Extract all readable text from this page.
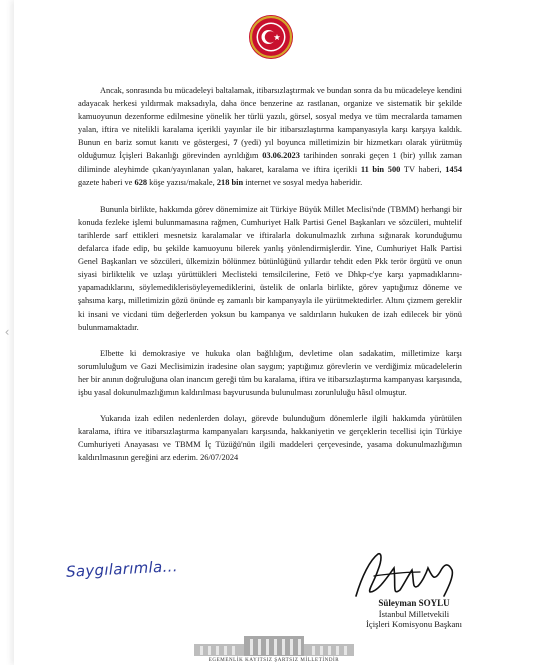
‹

Ancak, sonrasında bu mücadeleyi baltalamak, itibarsızlaştırmak ve bundan sonra da bu mücadeleye kendini adayacak herkesi yıldırmak maksadıyla, daha önce benzerine az rastlanan, organize ve sistematik bir şekilde kamuoyunun dezenforme edilmesine yönelik her türlü yazılı, görsel, sosyal medya ve tüm mecralarda tamamen yalan, iftira ve nitelikli karalama içerikli yayınlar ile bir itibarsızlaştırma kampanyasıyla karşı karşıya kaldık. Bunun en bariz somut kanıtı ve göstergesi, 7 (yedi) yıl boyunca milletimizin bir hizmetkarı olarak yürütmüş olduğumuz İçişleri Bakanlığı görevinden ayrıldığım 03.06.2023 tarihinden sonraki geçen 1 (bir) yıllık zaman diliminde aleyhimde çıkan/yayınlanan yalan, hakaret, karalama ve iftira içerikli 11 bin 500 TV haberi, 1454 gazete haberi ve 628 köşe yazısı/makale, 218 bin internet ve sosyal medya haberidir.

Bununla birlikte, hakkımda görev dönemimize ait Türkiye Büyük Millet Meclisi'nde (TBMM) herhangi bir konuda fezleke işlemi bulunmamasına rağmen, Cumhuriyet Halk Partisi Genel Başkanları ve sözcüleri, muhtelif tarihlerde sarf ettikleri mesnetsiz karalamalar ve iftiralarla dokunulmazlık zırhına sığınarak korunduğumu defalarca ifade edip, bu şekilde kamuoyunu bilerek yanlış yönlendirmişlerdir. Yine, Cumhuriyet Halk Partisi Genel Başkanları ve sözcüleri, ülkemizin bölünmez bütünlüğünü yıllardır tehdit eden Pkk terör örgütü ve onun siyasi birliktelik ve uzlaşı yürüttükleri Meclisteki temsilcilerine, Fetö ve Dhkp-c'ye karşı yapmadıklarını-yapamadıklarını, söylemediklerisöyleyemediklerini, üstelik de onlarla birlikte, görev yaptığımız döneme ve şahsıma karşı, milletimizin gözü önünde eş zamanlı bir kampanyayla ile yürütmektedirler. Altını çizmem gereklir ki insani ve vicdani tüm değerlerden yoksun bu kampanya ve saldırıların hukuken de izah edilecek bir yönü bulunmamaktadır.

Elbette ki demokrasiye ve hukuka olan bağlılığım, devletime olan sadakatim, milletimize karşı sorumluluğum ve Gazi Meclisimizin iradesine olan saygım; yaptığımız görevlerin ve verdiğimiz mücadelelerin her bir anının doğruluğuna olan inancım gereği tüm bu karalama, iftira ve itibarsızlaştırma kampanyası karşısında, işbu yasal dokunulmazlığımın kaldırılması başvurusunda bulunulması zorunluluğu hâsıl olmuştur.

Yukarıda izah edilen nedenlerden dolayı, görevde bulunduğum dönemlerle ilgili hakkımda yürütülen karalama, iftira ve itibarsızlaştırma kampanyaları karşısında, hakkaniyetin ve gerçeklerin tecellisi için Türkiye Cumhuriyeti Anayasası ve TBMM İç Tüzüğü'nün ilgili maddeleri çerçevesinde, yasama dokunulmazlığımın kaldırılmasının gereğini arz ederim. 26/07/2024

Saygılarımla...
Süleyman SOYLU
İstanbul Milletvekili
İçişleri Komisyonu Başkanı
EGEMENLİK KAYITSIZ ŞARTSIZ MİLLETİNDİR
